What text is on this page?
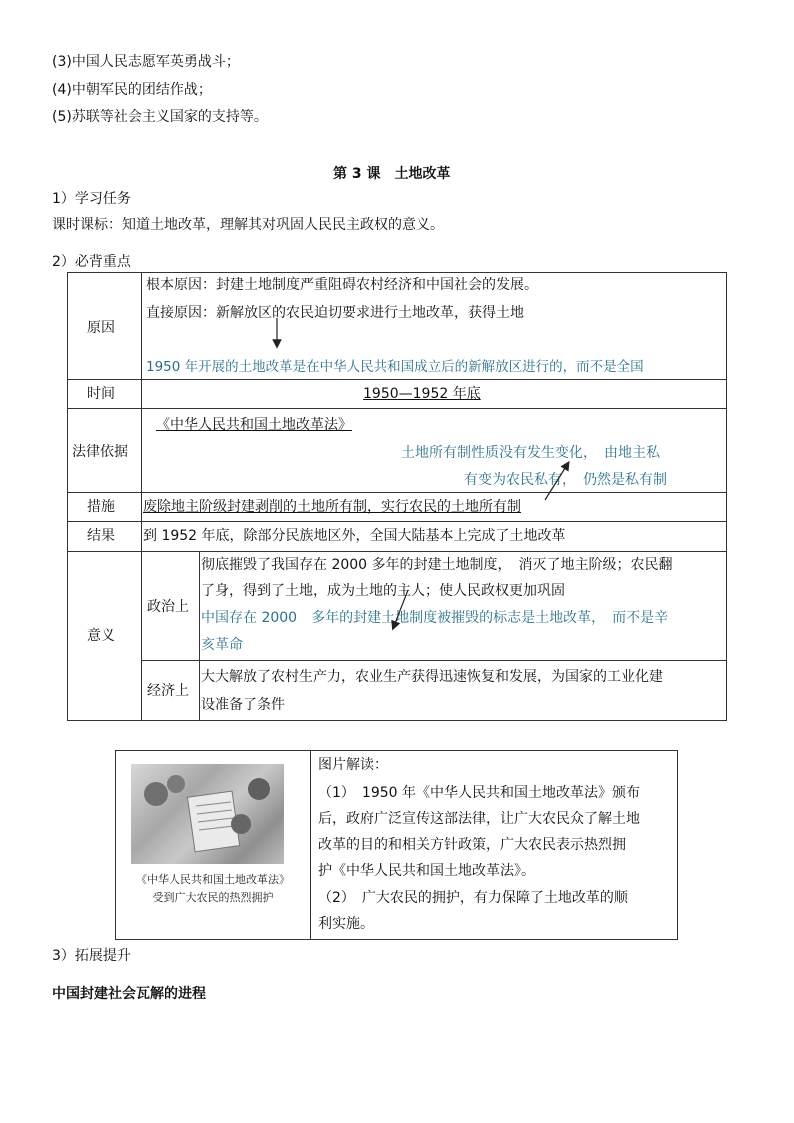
(3)中国人民志愿军英勇战斗；
(4)中朝军民的团结作战；
(5)苏联等社会主义国家的支持等。
第 3 课　土地改革
1）学习任务
课时课标：知道土地改革，理解其对巩固人民民主政权的意义。
2）必背重点
原因
根本原因：封建土地制度严重阻碍农村经济和中国社会的发展。
直接原因：新解放区的农民迫切要求进行土地改革，获得土地
1950 年开展的土地改革是在中华人民共和国成立后的新解放区进行的，而不是全国
时间	1950—1952 年底
法律依据
《中华人民共和国土地改革法》
土地所有制性质没有发生变化，　由地主私
有变为农民私有，　仍然是私有制
措施 废除地主阶级封建剥削的土地所有制，实行农民的土地所有制
结果 到 1952 年底，除部分民族地区外，全国大陆基本上完成了土地改革
意义
政治上
彻底摧毁了我国存在 2000 多年的封建土地制度，　消灭了地主阶级；农民翻
了身，得到了土地，成为土地的主人；使人民政权更加巩固
中国存在 2000　多年的封建土地制度被摧毁的标志是土地改革，　而不是辛
亥革命
经济上
大大解放了农村生产力，农业生产获得迅速恢复和发展，为国家的工业化建
设准备了条件
《中华人民共和国土地改革法》
受到广大农民的热烈拥护
图片解读：
（1）　1950 年《中华人民共和国土地改革法》颁布
后，政府广泛宣传这部法律，让广大农民众了解土地
改革的目的和相关方针政策，广大农民表示热烈拥
护《中华人民共和国土地改革法》。
（2）　广大农民的拥护，有力保障了土地改革的顺
利实施。
3）拓展提升
中国封建社会瓦解的进程
